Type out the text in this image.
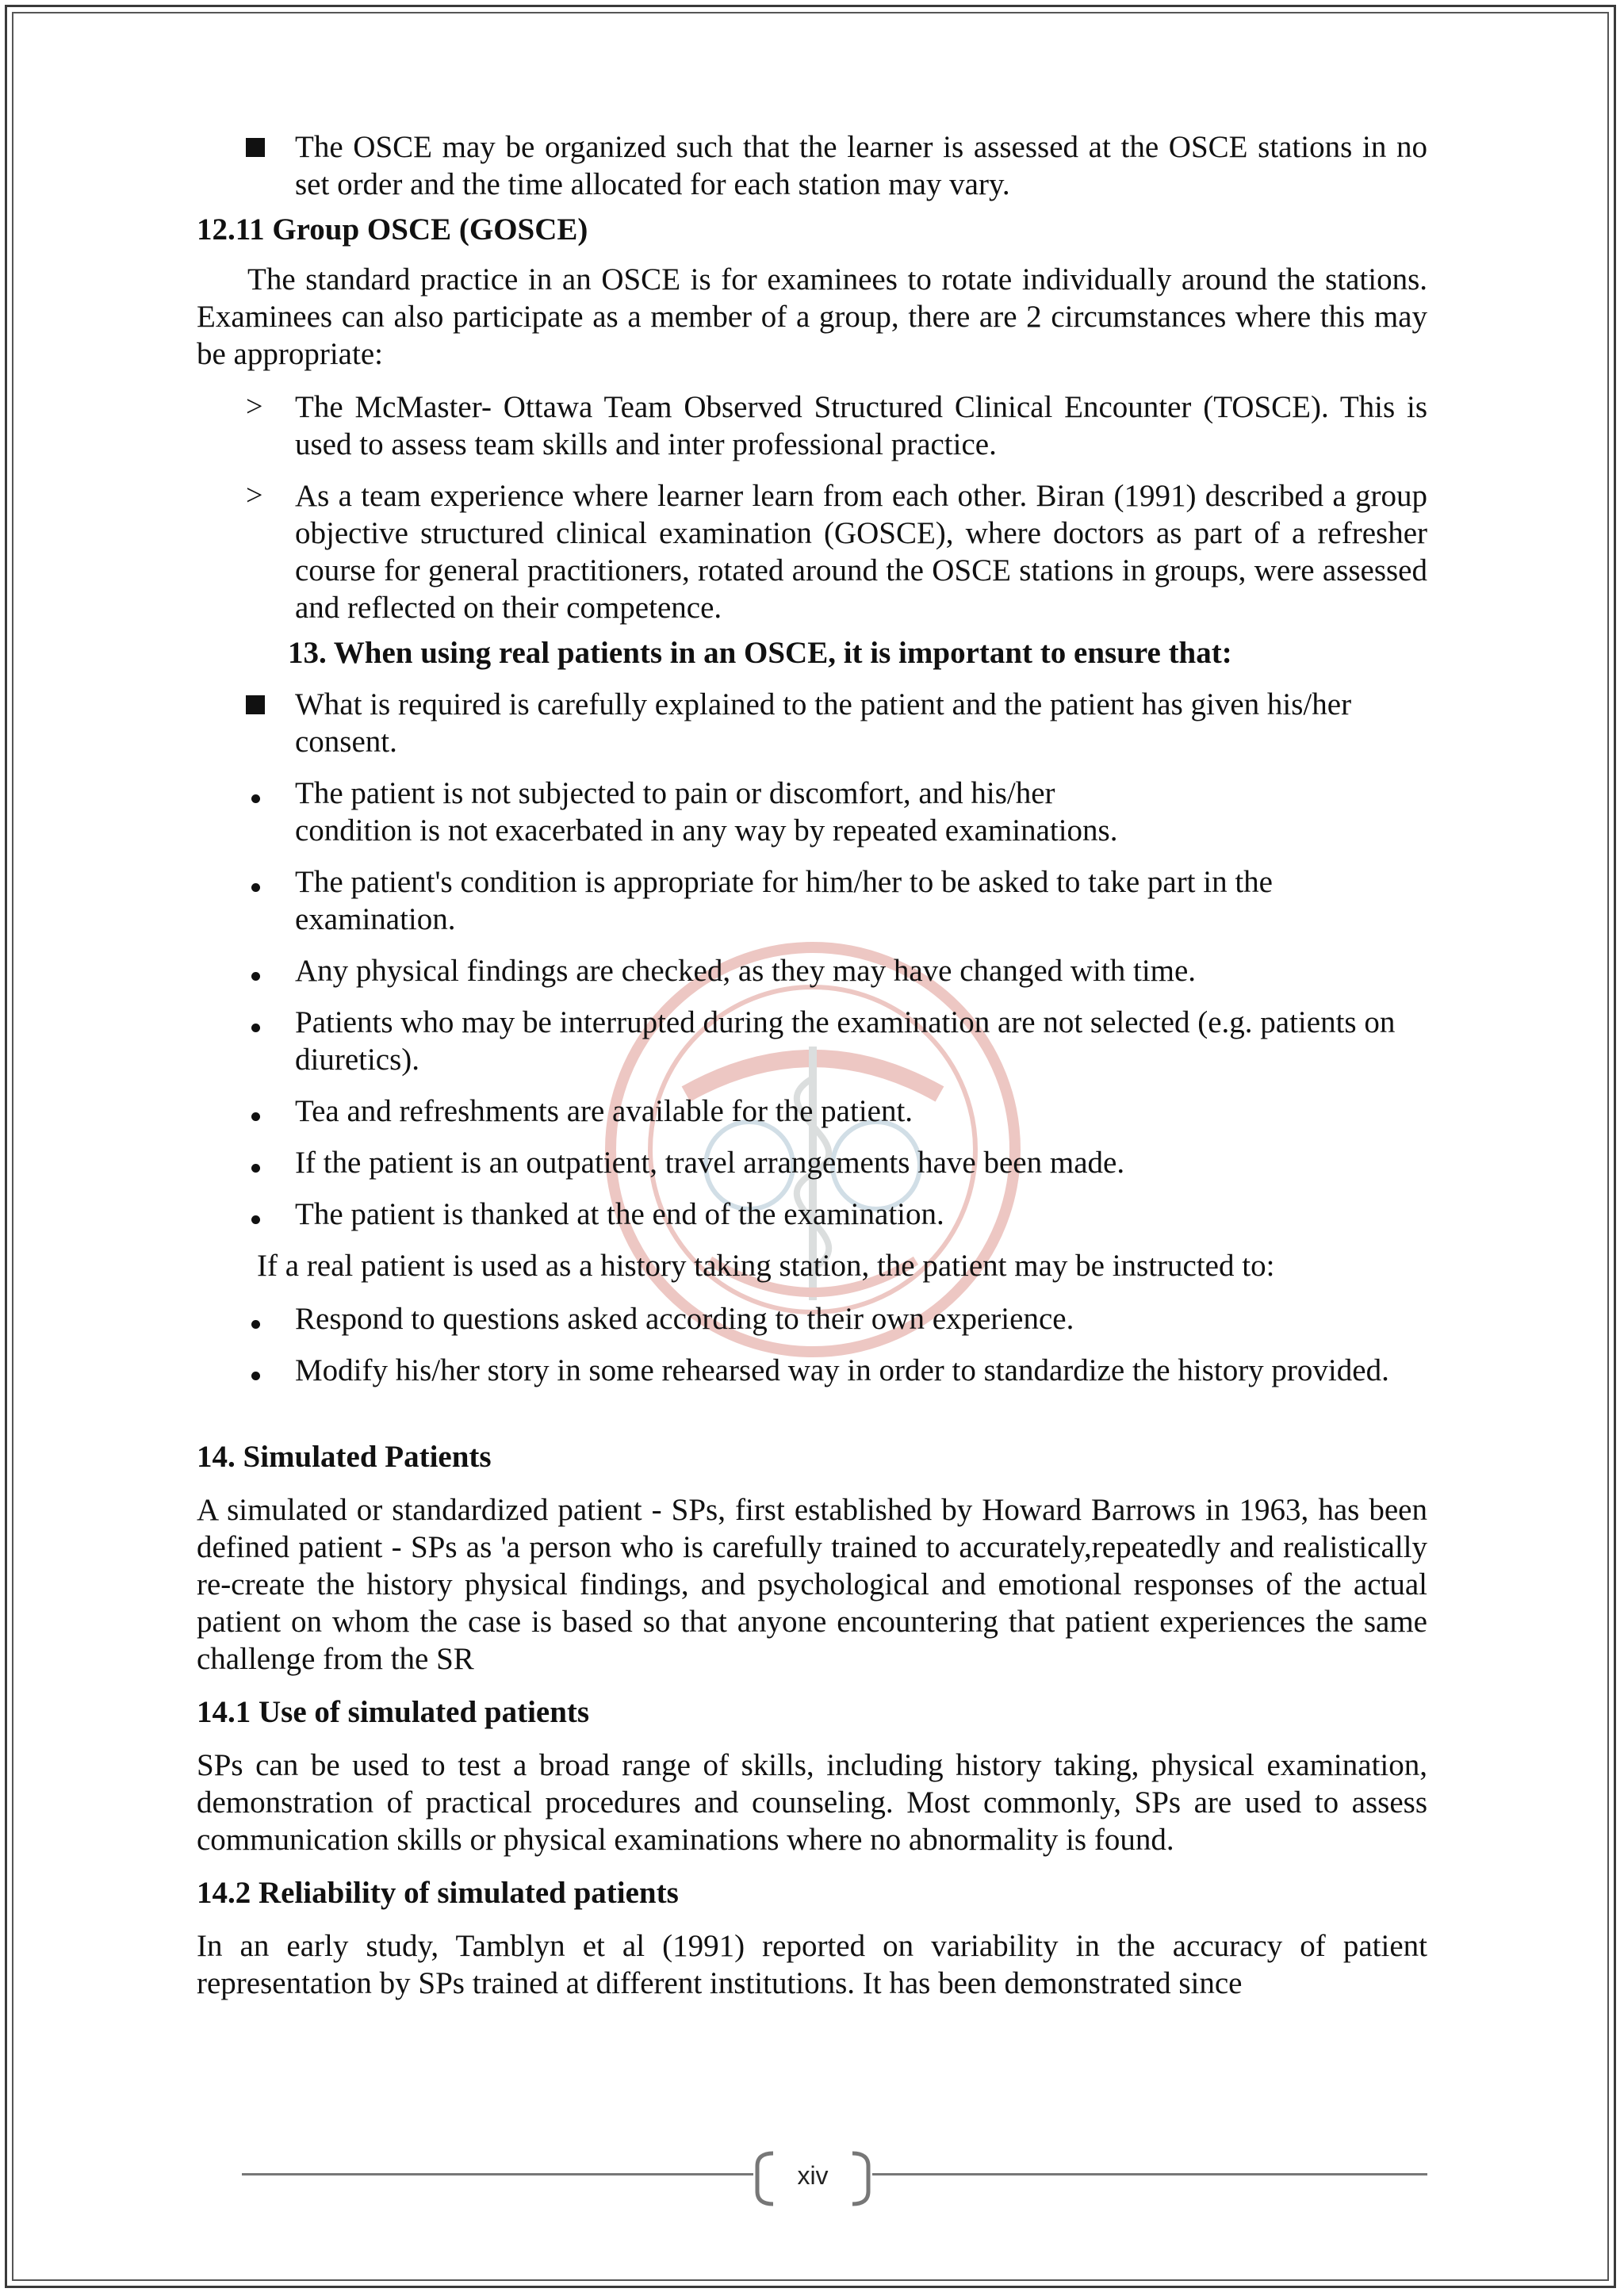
The OSCE may be organized such that the learner is assessed at the OSCE stations in no set order and the time allocated for each station may vary.
12.11 Group OSCE (GOSCE)

The standard practice in an OSCE is for examinees to rotate individually around the stations. Examinees can also participate as a member of a group, there are 2 circumstances where this may be appropriate:

>	The McMaster- Ottawa Team Observed Structured Clinical Encounter (TOSCE). This is used to assess team skills and inter professional practice.
>	As a team experience where learner learn from each other. Biran (1991) described a group objective structured clinical examination (GOSCE), where doctors as part of a refresher course for general practitioners, rotated around the OSCE stations in groups, were assessed and reflected on their competence.
13. When using real patients in an OSCE, it is important to ensure that:
What is required is carefully explained to the patient and the patient has given his/her consent.
The patient is not subjected to pain or discomfort, and his/her
condition is not exacerbated in any way by repeated examinations.
The patient's condition is appropriate for him/her to be asked to take part in the examination.
Any physical findings are checked, as they may have changed with time.
Patients who may be interrupted during the examination are not selected (e.g. patients on diuretics).
Tea and refreshments are available for the patient.
If the patient is an outpatient, travel arrangements have been made.
The patient is thanked at the end of the examination.

If a real patient is used as a history taking station, the patient may be instructed to:

Respond to questions asked according to their own experience.
Modify his/her story in some rehearsed way in order to standardize the history provided.
14. Simulated Patients

A simulated or standardized patient - SPs, first established by Howard Barrows in 1963, has been defined patient - SPs as 'a person who is carefully trained to accurately,repeatedly and realistically re-create the history physical findings, and psychological and emotional responses of the actual patient on whom the case is based so that anyone encountering that patient experiences the same challenge from the SR

14.1 Use of simulated patients

SPs can be used to test a broad range of skills, including history taking, physical examination, demonstration of practical procedures and counseling. Most commonly, SPs are used to assess communication skills or physical examinations where no abnormality is found.

14.2 Reliability of simulated patients

In an early study, Tamblyn et al (1991) reported on variability in the accuracy of patient representation by SPs trained at different institutions. It has been demonstrated since

xiv
